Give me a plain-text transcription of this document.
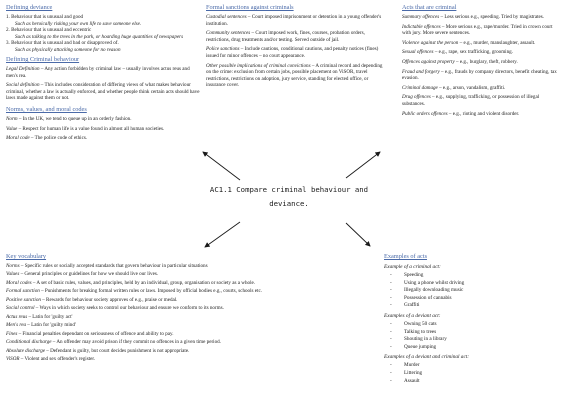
Defining deviance
1. Behaviour that is unusual and good
Such as heroically risking your own life to save someone else.
2. Behaviour that is unusual and eccentric
Such as talking to the trees in the park, or hoarding huge quantities of newspapers
3. Behaviour that is unusual and bad or disapproved of.
Such as physically attacking someone for no reason
Defining Criminal behaviour
Legal Definition – Any action forbidden by criminal law – usually involves actus reus and men's rea.
Social definition – This includes consideration of differing views of what makes behaviour criminal, whether a law is actually enforced, and whether people think certain acts should have laws made against them or not.
Norms, values, and moral codes
Norm – In the UK, we tend to queue up in an orderly fashion.
Value – Respect for human life is a value found in almost all human societies.
Moral code – The police code of ethics.
Formal sanctions against criminals
Custodial sentences – Court imposed imprisonment or detention in a young offender's institution.
Community sentences – Court imposed work, fines, courses, probation orders, restrictions, drug treatments and/or testing. Served outside of jail.
Police sanctions – Include cautions, conditional cautions, and penalty notices (fines) issued for minor offences – no court appearance.
Other possible implications of criminal convictions – A criminal record and depending on the crime: exclusion from certain jobs, possible placement on ViSOR, travel restrictions, restrictions on adoption, jury service, standing for elected office, or insurance cover.
Acts that are criminal
Summary offences – Less serious e.g., speeding. Tried by magistrates.
Indictable offences – More serious e.g., rape/murder. Tried in crown court with jury. More severe sentences.
Violence against the person – e.g., murder, manslaughter, assault.
Sexual offences – e.g., rape, sex trafficking, grooming.
Offences against property – e.g., burglary, theft, robbery.
Fraud and forgery – e.g., frauds by company directors, benefit cheating, tax evasion.
Criminal damage – e.g., arson, vandalism, graffiti.
Drug offences – e.g., supplying, trafficking, or possession of illegal substances.
Public orders offences – e.g., rioting and violent disorder.
AC1.1 Compare criminal behaviour and deviance.
Key vocabulary
Norms – Specific rules or socially accepted standards that govern behaviour in particular situations
Values – General principles or guidelines for how we should live our lives.
Moral codes – A set of basic rules, values, and principles, held by an individual, group, organisation or society as a whole.
Formal sanction – Punishments for breaking formal written rules or laws. Imposed by official bodies e.g., courts, schools etc.
Positive sanction – Rewards for behaviour society approves of e.g., praise or medal.
Social control – Ways in which society seeks to control our behaviour and ensure we conform to its norms.
Actus reus – Latin for 'guilty act'
Men's rea – Latin for 'guilty mind'
Fines – Financial penalties dependant on seriousness of offence and ability to pay.
Conditional discharge – An offender may avoid prison if they commit no offences in a given time period.
Absolute discharge – Defendant is guilty, but court decides punishment is not appropriate.
ViSOR – Violent and sex offender's register.
Examples of acts
Example of a criminal act:
- Speeding
- Using a phone whilst driving
- Illegally downloading music
- Possession of cannabis
- Graffiti
Examples of a deviant act:
- Owning 50 cats
- Talking to trees
- Shouting in a library
- Queue jumping
Examples of a deviant and criminal act:
- Murder
- Littering
- Assault
